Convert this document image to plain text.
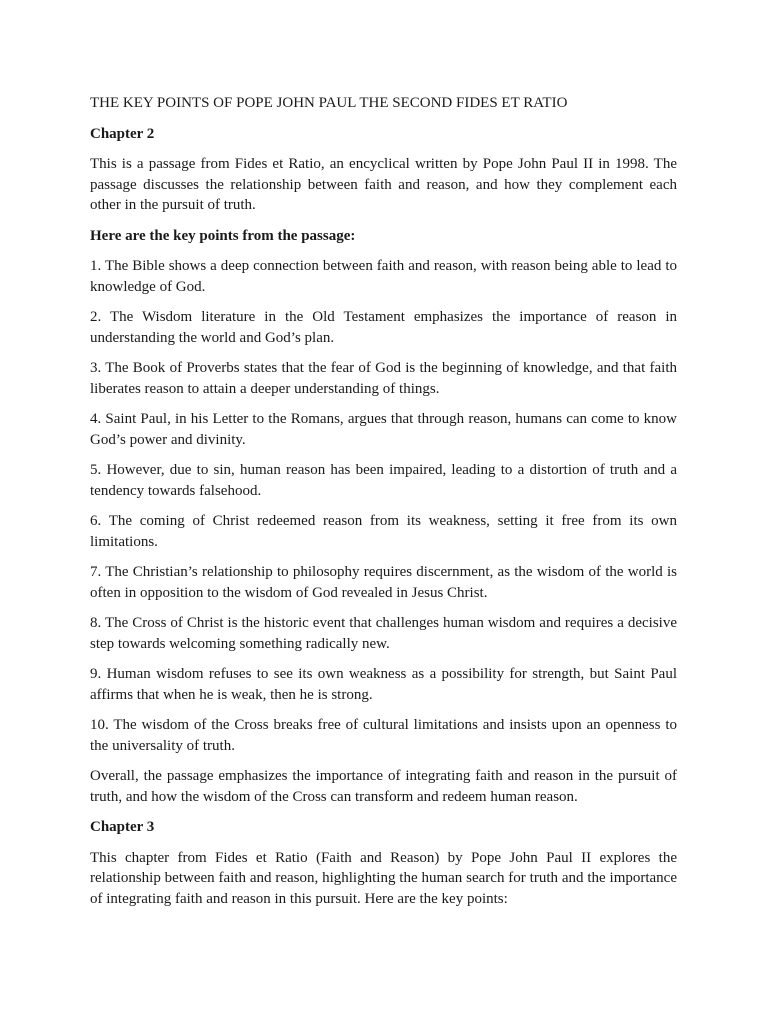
THE KEY POINTS OF POPE JOHN PAUL THE SECOND FIDES ET RATIO

Chapter 2

This is a passage from Fides et Ratio, an encyclical written by Pope John Paul II in 1998. The passage discusses the relationship between faith and reason, and how they complement each other in the pursuit of truth.

Here are the key points from the passage:

1. The Bible shows a deep connection between faith and reason, with reason being able to lead to knowledge of God.

2. The Wisdom literature in the Old Testament emphasizes the importance of reason in understanding the world and God’s plan.

3. The Book of Proverbs states that the fear of God is the beginning of knowledge, and that faith liberates reason to attain a deeper understanding of things.

4. Saint Paul, in his Letter to the Romans, argues that through reason, humans can come to know God’s power and divinity.

5. However, due to sin, human reason has been impaired, leading to a distortion of truth and a tendency towards falsehood.

6. The coming of Christ redeemed reason from its weakness, setting it free from its own limitations.

7. The Christian’s relationship to philosophy requires discernment, as the wisdom of the world is often in opposition to the wisdom of God revealed in Jesus Christ.

8. The Cross of Christ is the historic event that challenges human wisdom and requires a decisive step towards welcoming something radically new.

9. Human wisdom refuses to see its own weakness as a possibility for strength, but Saint Paul affirms that when he is weak, then he is strong.

10. The wisdom of the Cross breaks free of cultural limitations and insists upon an openness to the universality of truth.

Overall, the passage emphasizes the importance of integrating faith and reason in the pursuit of truth, and how the wisdom of the Cross can transform and redeem human reason.

Chapter 3

This chapter from Fides et Ratio (Faith and Reason) by Pope John Paul II explores the relationship between faith and reason, highlighting the human search for truth and the importance of integrating faith and reason in this pursuit. Here are the key points:
